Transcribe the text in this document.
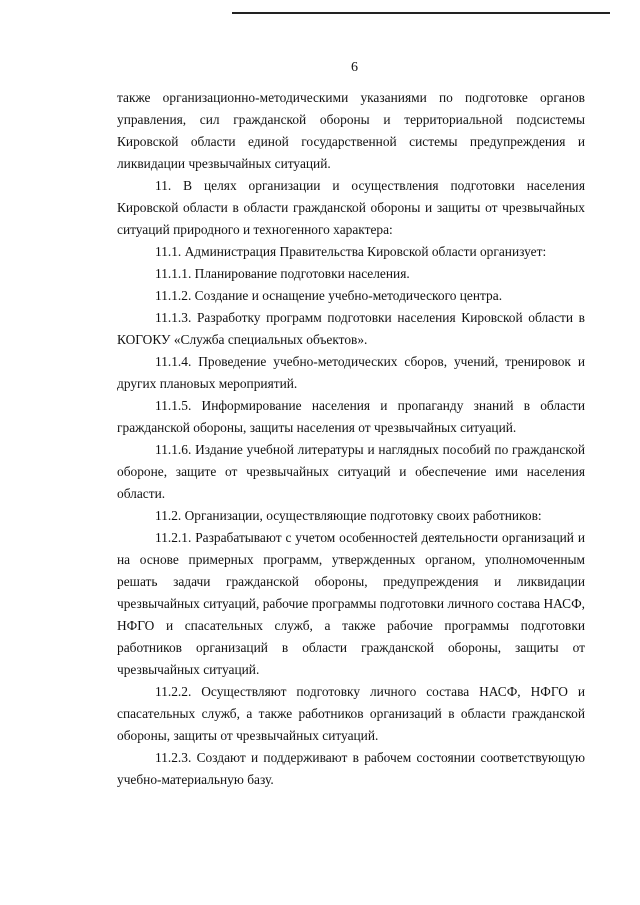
6

также организационно-методическими указаниями по подготовке органов управления, сил гражданской обороны и территориальной подсистемы Кировской области единой государственной системы предупреждения и ликвидации чрезвычайных ситуаций.

11. В целях организации и осуществления подготовки населения Кировской области в области гражданской обороны и защиты от чрезвычайных ситуаций природного и техногенного характера:

11.1. Администрация Правительства Кировской области организует:

11.1.1. Планирование подготовки населения.

11.1.2. Создание и оснащение учебно-методического центра.

11.1.3. Разработку программ подготовки населения Кировской области в КОГОКУ «Служба специальных объектов».

11.1.4. Проведение учебно-методических сборов, учений, тренировок и других плановых мероприятий.

11.1.5. Информирование населения и пропаганду знаний в области гражданской обороны, защиты населения от чрезвычайных ситуаций.

11.1.6. Издание учебной литературы и наглядных пособий по гражданской обороне, защите от чрезвычайных ситуаций и обеспечение ими населения области.

11.2. Организации, осуществляющие подготовку своих работников:

11.2.1. Разрабатывают с учетом особенностей деятельности организаций и на основе примерных программ, утвержденных органом, уполномоченным решать задачи гражданской обороны, предупреждения и ликвидации чрезвычайных ситуаций, рабочие программы подготовки личного состава НАСФ, НФГО и спасательных служб, а также рабочие программы подготовки работников организаций в области гражданской обороны, защиты от чрезвычайных ситуаций.

11.2.2. Осуществляют подготовку личного состава НАСФ, НФГО и спасательных служб, а также работников организаций в области гражданской обороны, защиты от чрезвычайных ситуаций.

11.2.3. Создают и поддерживают в рабочем состоянии соответствующую учебно-материальную базу.
